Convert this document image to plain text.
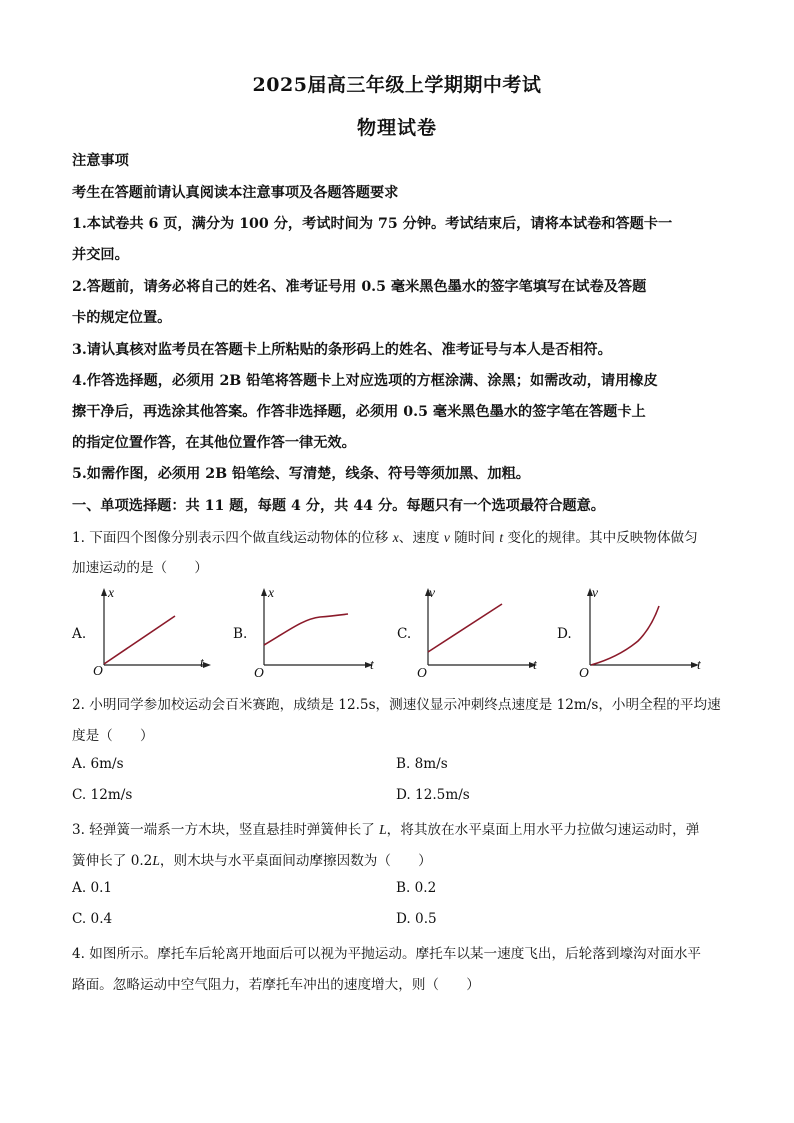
2025届高三年级上学期期中考试
物理试卷
注意事项
考生在答题前请认真阅读本注意事项及各题答题要求
1.本试卷共 6 页，满分为 100 分，考试时间为 75 分钟。考试结束后，请将本试卷和答题卡一
并交回。
2.答题前，请务必将自己的姓名、准考证号用 0.5 毫米黑色墨水的签字笔填写在试卷及答题
卡的规定位置。
3.请认真核对监考员在答题卡上所粘贴的条形码上的姓名、准考证号与本人是否相符。
4.作答选择题，必须用 2B 铅笔将答题卡上对应选项的方框涂满、涂黑；如需改动，请用橡皮
擦干净后，再选涂其他答案。作答非选择题，必须用 0.5 毫米黑色墨水的签字笔在答题卡上
的指定位置作答，在其他位置作答一律无效。
5.如需作图，必须用 2B 铅笔绘、写清楚，线条、符号等须加黑、加粗。
一、单项选择题：共 11 题，每题 4 分，共 44 分。每题只有一个选项最符合题意。
1. 下面四个图像分别表示四个做直线运动物体的位移 x、速度 v 随时间 t 变化的规律。其中反映物体做匀
加速运动的是（　　）
A.
x
t
O
B.
x
t
O
C.
v
t
O
D.
v
t
O
2. 小明同学参加校运动会百米赛跑，成绩是 12.5s，测速仪显示冲刺终点速度是 12m/s，小明全程的平均速
度是（　　）
A. 6m/s	B. 8m/s
C. 12m/s	D. 12.5m/s
3. 轻弹簧一端系一方木块，竖直悬挂时弹簧伸长了 L，将其放在水平桌面上用水平力拉做匀速运动时，弹
簧伸长了 0.2L，则木块与水平桌面间动摩擦因数为（　　）
A. 0.1	B. 0.2
C. 0.4	D. 0.5
4. 如图所示。摩托车后轮离开地面后可以视为平抛运动。摩托车以某一速度飞出，后轮落到壕沟对面水平
路面。忽略运动中空气阻力，若摩托车冲出的速度增大，则（　　）
